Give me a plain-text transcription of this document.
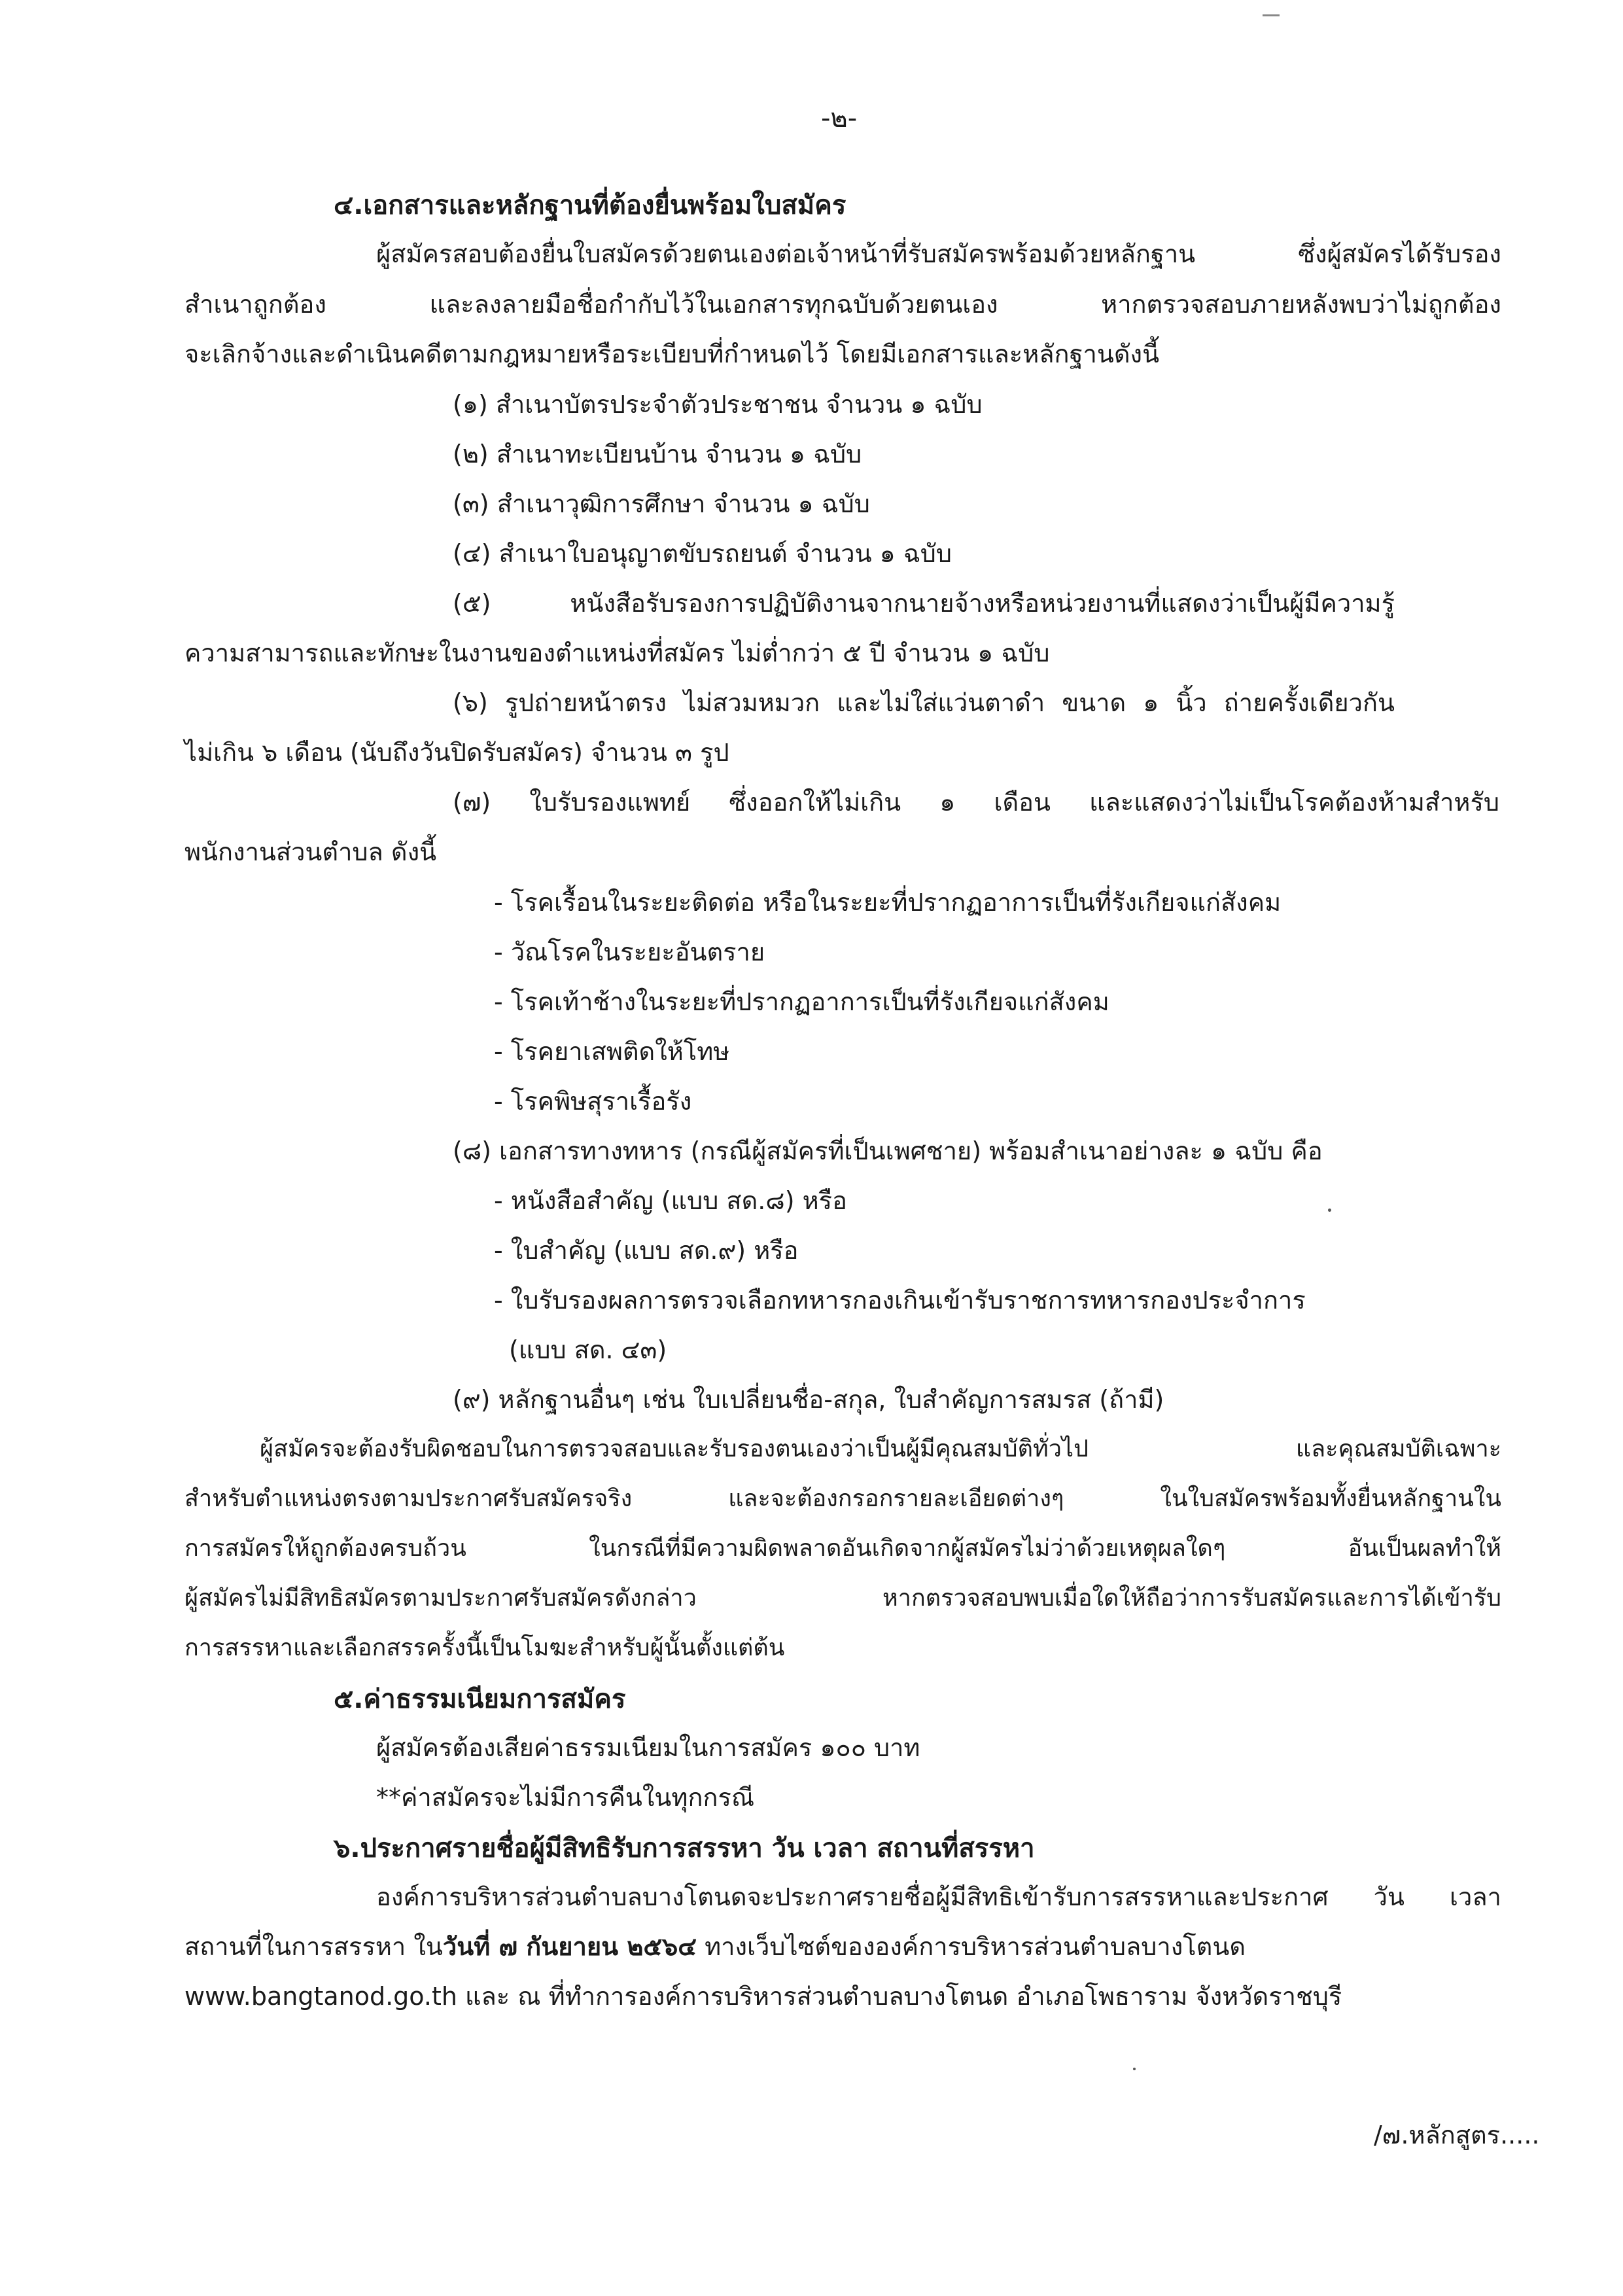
-๒-
๔.เอกสารและหลักฐานที่ต้องยื่นพร้อมใบสมัคร
ผู้สมัครสอบต้องยื่นใบสมัครด้วยตนเองต่อเจ้าหน้าที่รับสมัครพร้อมด้วยหลักฐาน ซึ่งผู้สมัครได้รับรอง
สำเนาถูกต้อง และลงลายมือชื่อกำกับไว้ในเอกสารทุกฉบับด้วยตนเอง หากตรวจสอบภายหลังพบว่าไม่ถูกต้อง
จะเลิกจ้างและดำเนินคดีตามกฎหมายหรือระเบียบที่กำหนดไว้ โดยมีเอกสารและหลักฐานดังนี้
(๑) สำเนาบัตรประจำตัวประชาชน จำนวน ๑ ฉบับ
(๒) สำเนาทะเบียนบ้าน จำนวน ๑ ฉบับ
(๓) สำเนาวุฒิการศึกษา จำนวน ๑ ฉบับ
(๔) สำเนาใบอนุญาตขับรถยนต์ จำนวน ๑ ฉบับ
(๕) หนังสือรับรองการปฏิบัติงานจากนายจ้างหรือหน่วยงานที่แสดงว่าเป็นผู้มีความรู้
ความสามารถและทักษะในงานของตำแหน่งที่สมัคร ไม่ต่ำกว่า ๕ ปี จำนวน ๑ ฉบับ
(๖) รูปถ่ายหน้าตรง ไม่สวมหมวก และไม่ใส่แว่นตาดำ ขนาด ๑ นิ้ว ถ่ายครั้งเดียวกัน
ไม่เกิน ๖ เดือน (นับถึงวันปิดรับสมัคร) จำนวน ๓ รูป
(๗) ใบรับรองแพทย์ ซึ่งออกให้ไม่เกิน ๑ เดือน และแสดงว่าไม่เป็นโรคต้องห้ามสำหรับ
พนักงานส่วนตำบล ดังนี้
- โรคเรื้อนในระยะติดต่อ หรือในระยะที่ปรากฏอาการเป็นที่รังเกียจแก่สังคม
- วัณโรคในระยะอันตราย
- โรคเท้าช้างในระยะที่ปรากฏอาการเป็นที่รังเกียจแก่สังคม
- โรคยาเสพติดให้โทษ
- โรคพิษสุราเรื้อรัง
(๘) เอกสารทางทหาร (กรณีผู้สมัครที่เป็นเพศชาย) พร้อมสำเนาอย่างละ ๑ ฉบับ คือ
- หนังสือสำคัญ (แบบ สด.๘) หรือ
- ใบสำคัญ (แบบ สด.๙) หรือ
- ใบรับรองผลการตรวจเลือกทหารกองเกินเข้ารับราชการทหารกองประจำการ
(แบบ สด. ๔๓)
(๙) หลักฐานอื่นๆ เช่น ใบเปลี่ยนชื่อ-สกุล, ใบสำคัญการสมรส (ถ้ามี)
ผู้สมัครจะต้องรับผิดชอบในการตรวจสอบและรับรองตนเองว่าเป็นผู้มีคุณสมบัติทั่วไป และคุณสมบัติเฉพาะ
สำหรับตำแหน่งตรงตามประกาศรับสมัครจริง และจะต้องกรอกรายละเอียดต่างๆ ในใบสมัครพร้อมทั้งยื่นหลักฐานใน
การสมัครให้ถูกต้องครบถ้วน ในกรณีที่มีความผิดพลาดอันเกิดจากผู้สมัครไม่ว่าด้วยเหตุผลใดๆ อันเป็นผลทำให้
ผู้สมัครไม่มีสิทธิสมัครตามประกาศรับสมัครดังกล่าว หากตรวจสอบพบเมื่อใดให้ถือว่าการรับสมัครและการได้เข้ารับ
การสรรหาและเลือกสรรครั้งนี้เป็นโมฆะสำหรับผู้นั้นตั้งแต่ต้น
๕.ค่าธรรมเนียมการสมัคร
ผู้สมัครต้องเสียค่าธรรมเนียมในการสมัคร ๑๐๐ บาท
**ค่าสมัครจะไม่มีการคืนในทุกกรณี
๖.ประกาศรายชื่อผู้มีสิทธิรับการสรรหา วัน เวลา สถานที่สรรหา
องค์การบริหารส่วนตำบลบางโตนดจะประกาศรายชื่อผู้มีสิทธิเข้ารับการสรรหาและประกาศ วัน เวลา
สถานที่ในการสรรหา ในวันที่ ๗ กันยายน ๒๕๖๔ ทางเว็บไซต์ขององค์การบริหารส่วนตำบลบางโตนด
www.bangtanod.go.th และ ณ ที่ทำการองค์การบริหารส่วนตำบลบางโตนด อำเภอโพธาราม จังหวัดราชบุรี
/๗.หลักสูตร.....
